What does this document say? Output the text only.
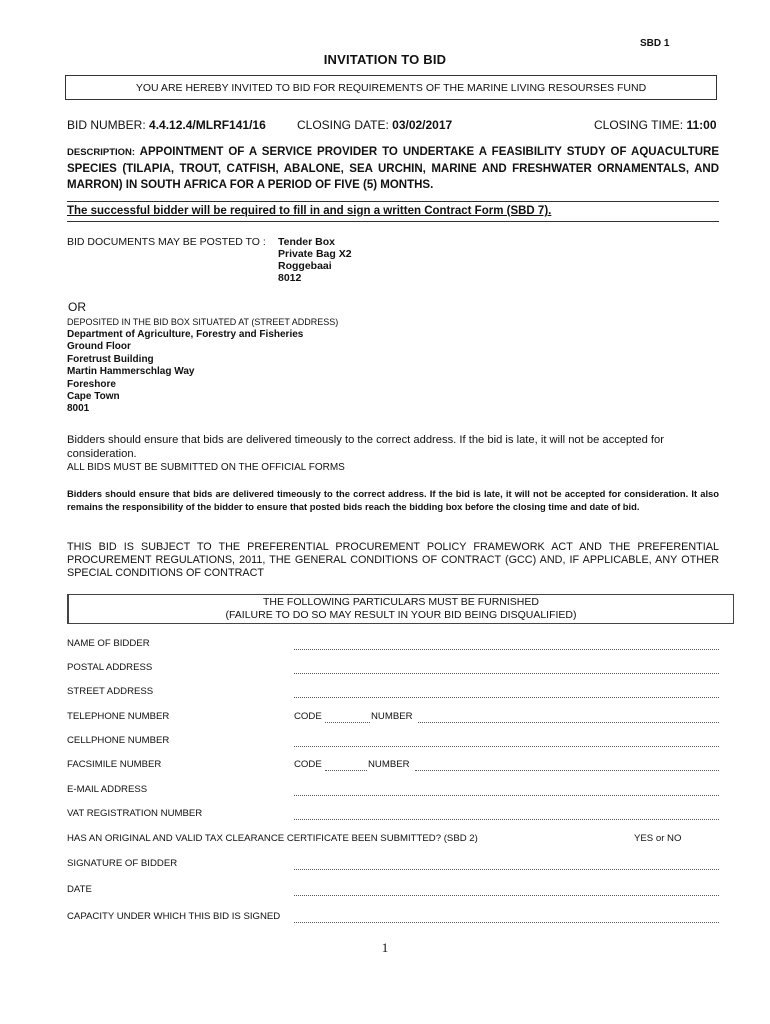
SBD 1
INVITATION TO BID
YOU ARE HEREBY INVITED TO BID FOR REQUIREMENTS OF THE MARINE LIVING RESOURSES FUND
BID NUMBER: 4.4.12.4/MLRF141/16	CLOSING DATE: 03/02/2017	CLOSING TIME: 11:00
DESCRIPTION: APPOINTMENT OF A SERVICE PROVIDER TO UNDERTAKE A FEASIBILITY STUDY OF AQUACULTURE SPECIES (TILAPIA, TROUT, CATFISH, ABALONE, SEA URCHIN, MARINE AND FRESHWATER ORNAMENTALS, AND MARRON) IN SOUTH AFRICA FOR A PERIOD OF FIVE (5) MONTHS.
The successful bidder will be required to fill in and sign a written Contract Form (SBD 7).
BID DOCUMENTS MAY BE POSTED TO : Tender Box
Private Bag X2
Roggebaai
8012
OR
DEPOSITED IN THE BID BOX SITUATED AT (STREET ADDRESS)
Department of Agriculture, Forestry and Fisheries
Ground Floor
Foretrust Building
Martin Hammerschlag Way
Foreshore
Cape Town
8001
Bidders should ensure that bids are delivered timeously to the correct address. If the bid is late, it will not be accepted for consideration.
ALL BIDS MUST BE SUBMITTED ON THE OFFICIAL FORMS
Bidders should ensure that bids are delivered timeously to the correct address. If the bid is late, it will not be accepted for consideration. It also remains the responsibility of the bidder to ensure that posted bids reach the bidding box before the closing time and date of bid.
THIS BID IS SUBJECT TO THE PREFERENTIAL PROCUREMENT POLICY FRAMEWORK ACT AND THE PREFERENTIAL PROCUREMENT REGULATIONS, 2011, THE GENERAL CONDITIONS OF CONTRACT (GCC) AND, IF APPLICABLE, ANY OTHER SPECIAL CONDITIONS OF CONTRACT
THE FOLLOWING PARTICULARS MUST BE FURNISHED
(FAILURE TO DO SO MAY RESULT IN YOUR BID BEING DISQUALIFIED)
NAME OF BIDDER
POSTAL ADDRESS
STREET ADDRESS
TELEPHONE NUMBER	CODE	NUMBER
CELLPHONE NUMBER
FACSIMILE NUMBER	CODE	NUMBER
E-MAIL ADDRESS
VAT REGISTRATION NUMBER
HAS AN ORIGINAL AND VALID TAX CLEARANCE CERTIFICATE BEEN SUBMITTED? (SBD 2)	YES or NO
SIGNATURE OF BIDDER
DATE
CAPACITY UNDER WHICH THIS BID IS SIGNED
1
